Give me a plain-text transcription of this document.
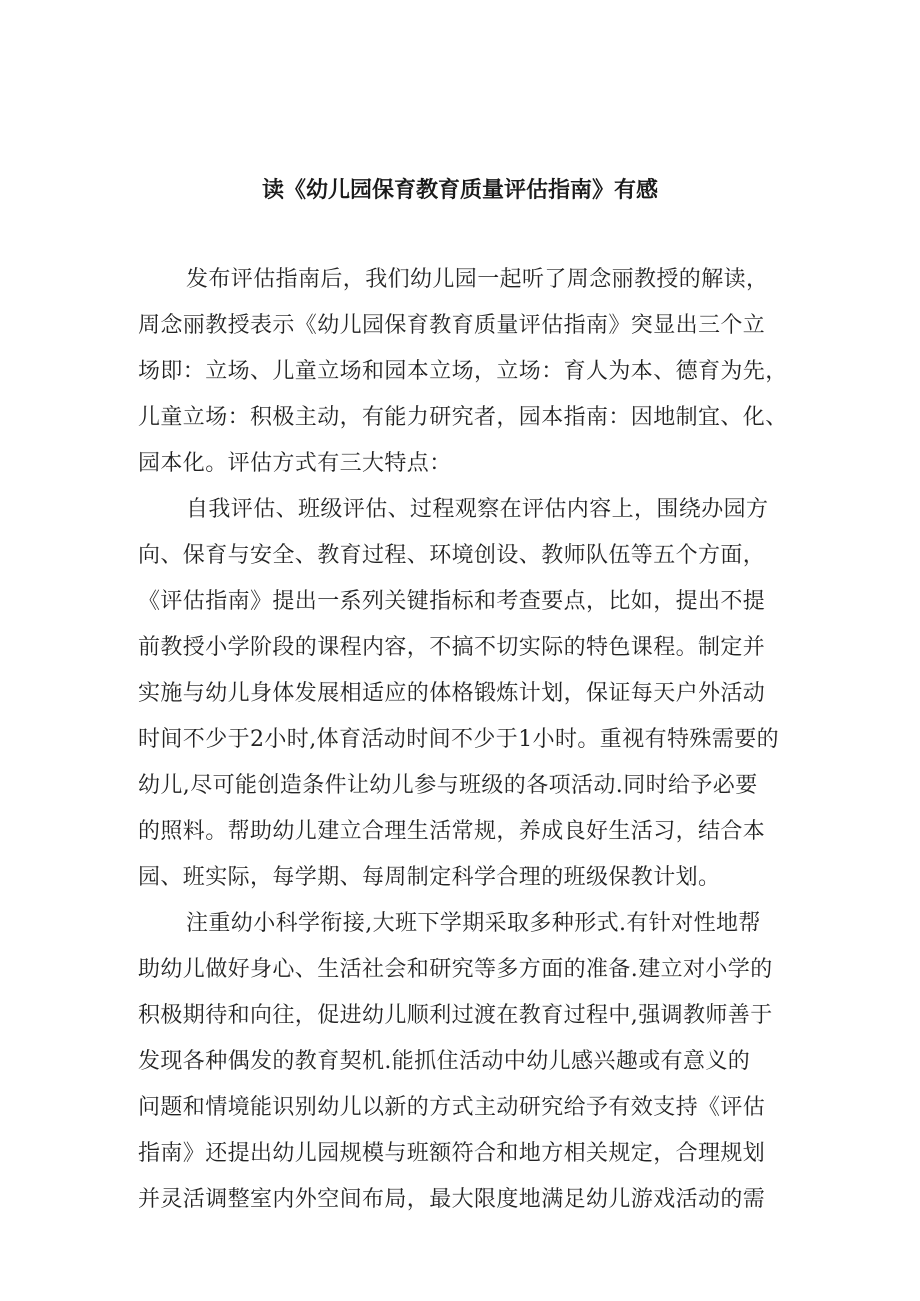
读《幼儿园保育教育质量评估指南》有感
发布评估指南后，我们幼儿园一起听了周念丽教授的解读，
周念丽教授表示《幼儿园保育教育质量评估指南》突显出三个立
场即：立场、儿童立场和园本立场，立场：育人为本、德育为先，
儿童立场：积极主动，有能力研究者，园本指南：因地制宜、化、
园本化。评估方式有三大特点：
自我评估、班级评估、过程观察在评估内容上，围绕办园方
向、保育与安全、教育过程、环境创设、教师队伍等五个方面，
《评估指南》提出一系列关键指标和考查要点，比如，提出不提
前教授小学阶段的课程内容，不搞不切实际的特色课程。制定并
实施与幼儿身体发展相适应的体格锻炼计划，保证每天户外活动
时间不少于2小时,体育活动时间不少于1小时。重视有特殊需要的
幼儿,尽可能创造条件让幼儿参与班级的各项活动.同时给予必要
的照料。帮助幼儿建立合理生活常规，养成良好生活习，结合本
园、班实际，每学期、每周制定科学合理的班级保教计划。
注重幼小科学衔接,大班下学期采取多种形式.有针对性地帮
助幼儿做好身心、生活社会和研究等多方面的准备.建立对小学的
积极期待和向往，促进幼儿顺利过渡在教育过程中,强调教师善于
发现各种偶发的教育契机.能抓住活动中幼儿感兴趣或有意义的
问题和情境能识别幼儿以新的方式主动研究给予有效支持《评估
指南》还提出幼儿园规模与班额符合和地方相关规定，合理规划
并灵活调整室内外空间布局，最大限度地满足幼儿游戏活动的需
